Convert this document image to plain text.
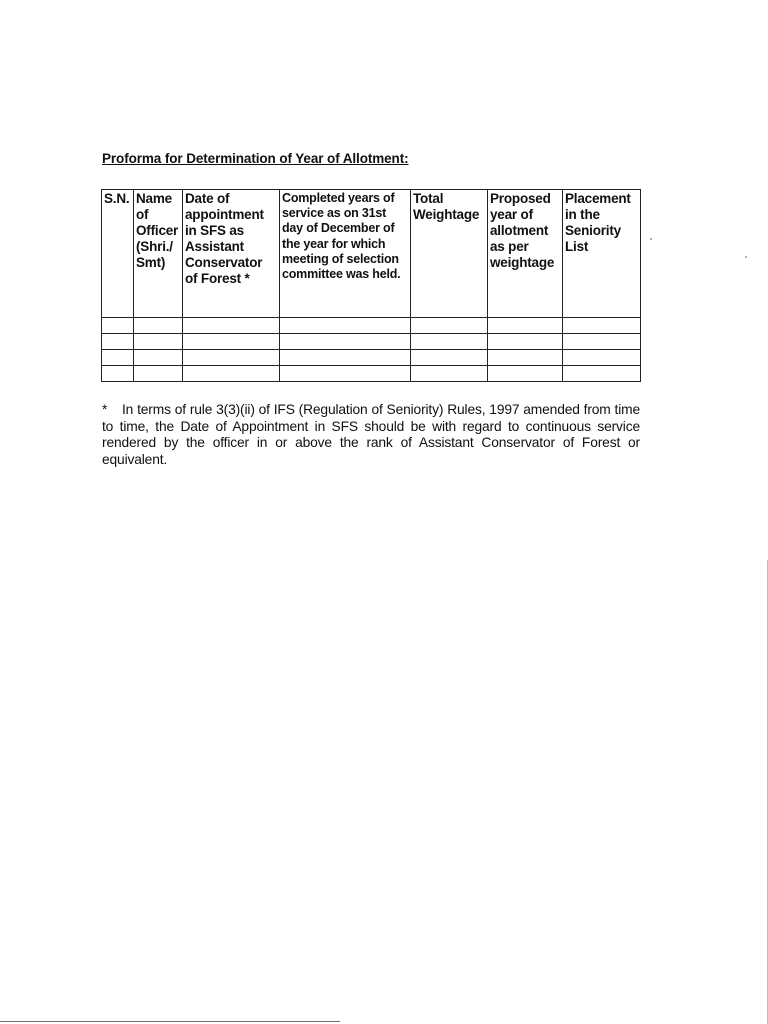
Proforma for Determination of Year of Allotment:
S.N.	Name of Officer (Shri./ Smt)	Date of appointment in SFS as Assistant Conservator of Forest *	Completed years of service as on 31st day of December of the year for which meeting of selection committee was held.	Total Weightage	Proposed year of allotment as per weightage	Placement in the Seniority List

* In terms of rule 3(3)(ii) of IFS (Regulation of Seniority) Rules, 1997 amended from time to time, the Date of Appointment in SFS should be with regard to continuous service rendered by the officer in or above the rank of Assistant Conservator of Forest or equivalent.
